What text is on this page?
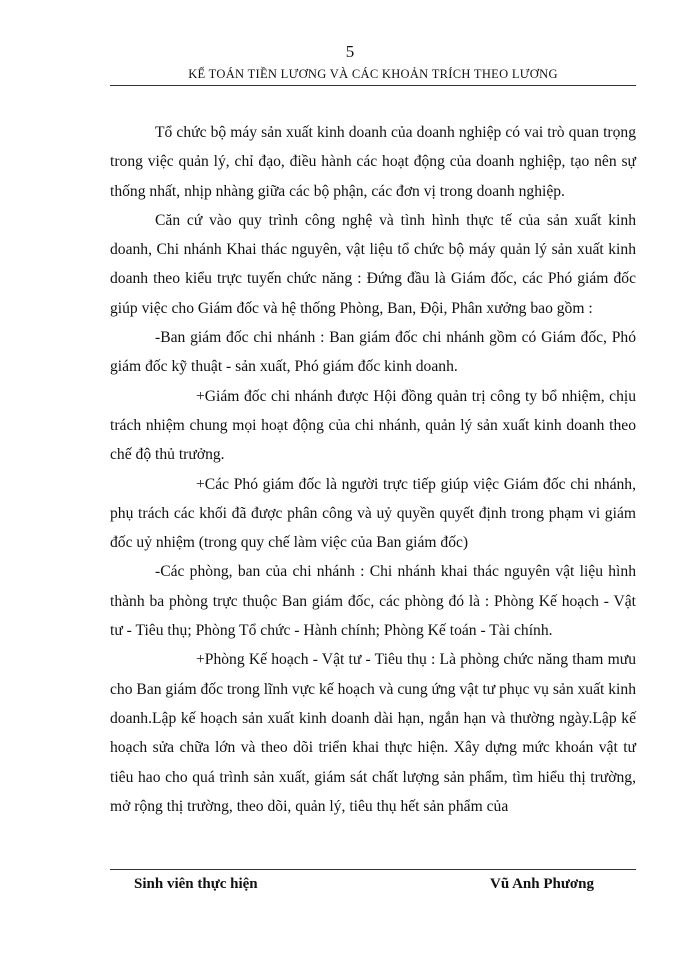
5
KẾ TOÁN TIỀN LƯƠNG VÀ CÁC KHOẢN TRÍCH THEO LƯƠNG

Tổ chức bộ máy sản xuất kinh doanh của doanh nghiệp có vai trò quan trọng trong việc quản lý, chỉ đạo, điều hành các hoạt động của doanh nghiệp, tạo nên sự thống nhất, nhịp nhàng giữa các bộ phận, các đơn vị trong doanh nghiệp.

Căn cứ vào quy trình công nghệ và tình hình thực tế của sản xuất kinh doanh, Chi nhánh Khai thác nguyên, vật liệu tổ chức bộ máy quản lý sản xuất kinh doanh theo kiểu trực tuyến chức năng : Đứng đầu là Giám đốc, các Phó giám đốc giúp việc cho Giám đốc và hệ thống Phòng, Ban, Đội, Phân xưởng bao gồm :

-Ban giám đốc chi nhánh : Ban giám đốc chi nhánh gồm có Giám đốc, Phó giám đốc kỹ thuật - sản xuất, Phó giám đốc kinh doanh.

+Giám đốc chi nhánh được Hội đồng quản trị công ty bổ nhiệm, chịu trách nhiệm chung mọi hoạt động của chi nhánh, quản lý sản xuất kinh doanh theo chế độ thủ trưởng.

+Các Phó giám đốc là người trực tiếp giúp việc Giám đốc chi nhánh, phụ trách các khối đã được phân công và uỷ quyền quyết định trong phạm vi giám đốc uỷ nhiệm (trong quy chế làm việc của Ban giám đốc)

-Các phòng, ban của chi nhánh : Chi nhánh khai thác nguyên vật liệu hình thành ba phòng trực thuộc Ban giám đốc, các phòng đó là : Phòng Kế hoạch - Vật tư - Tiêu thụ; Phòng Tổ chức - Hành chính; Phòng Kế toán - Tài chính.

+Phòng Kế hoạch - Vật tư - Tiêu thụ : Là phòng chức năng tham mưu cho Ban giám đốc trong lĩnh vực kế hoạch và cung ứng vật tư phục vụ sản xuất kinh doanh.Lập kế hoạch sản xuất kinh doanh dài hạn, ngắn hạn và thường ngày.Lập kế hoạch sửa chữa lớn và theo dõi triển khai thực hiện. Xây dựng mức khoán vật tư tiêu hao cho quá trình sản xuất, giám sát chất lượng sản phẩm, tìm hiểu thị trường, mở rộng thị trường, theo dõi, quản lý, tiêu thụ hết sản phẩm của

Sinh viên thực hiện	Vũ Anh Phương
